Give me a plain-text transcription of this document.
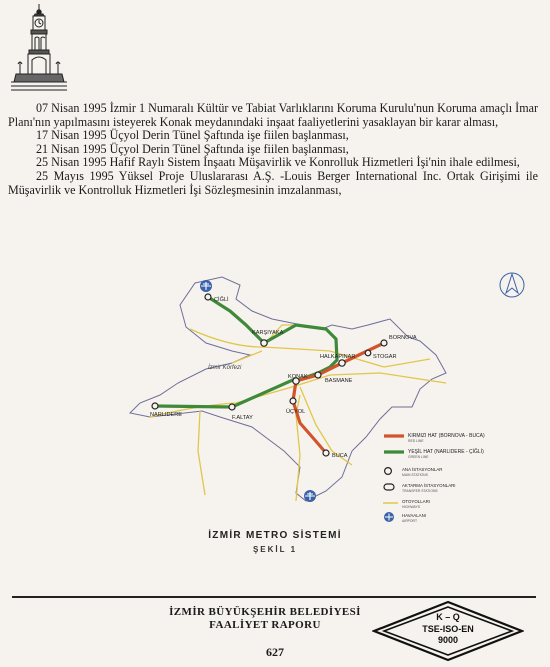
07 Nisan 1995 İzmir 1 Numaralı Kültür ve Tabiat Varlıklarını Koruma Kurulu'nun Koruma amaçlı İmar Planı'nın yapılmasını isteyerek Konak meydanındaki inşaat faaliyetlerini yasaklayan bir karar alması,

17 Nisan 1995 Üçyol Derin Tünel Şaftında işe fiilen başlanması,

21 Nisan 1995 Üçyol Derin Tünel Şaftında işe fiilen başlanması,

25 Nisan 1995 Hafif Raylı Sistem İnşaatı Müşavirlik ve Konrolluk Hizmetleri İşi'nin ihale edilmesi,

25 Mayıs 1995 Yüksel Proje Uluslararası A.Ş. -Louis Berger International Inc. Ortak Girişimi ile Müşavirlik ve Kontrolluk Hizmetleri İşi Sözleşmesinin imzalanması,

İzmir Körfezi
ÇİĞLİ
KARŞIYAKA
BORNOVA
STOGAR
HALKAPINAR
BASMANE
KONAK
ÜÇYOL
F.ALTAY
NARLIDERE
BUCA
KIRMIZI HAT (BORNOVA - BUCA)
RED LINE
YEŞİL HAT (NARLIDERE - ÇİĞLİ)
GREEN LINE
ANA İSTASYONLAR
MAIN STATIONS
AKTARMA İSTASYONLARI
TRANSFER STATIONS
OTOYOLLARI
HIGHWAYS
HAVAALANI
AIRPORT
İZMİR METRO SİSTEMİ
ŞEKİL 1
İZMİR BÜYÜKŞEHİR BELEDİYESİ
FAALİYET RAPORU
627
K – Q
TSE-ISO-EN
9000
